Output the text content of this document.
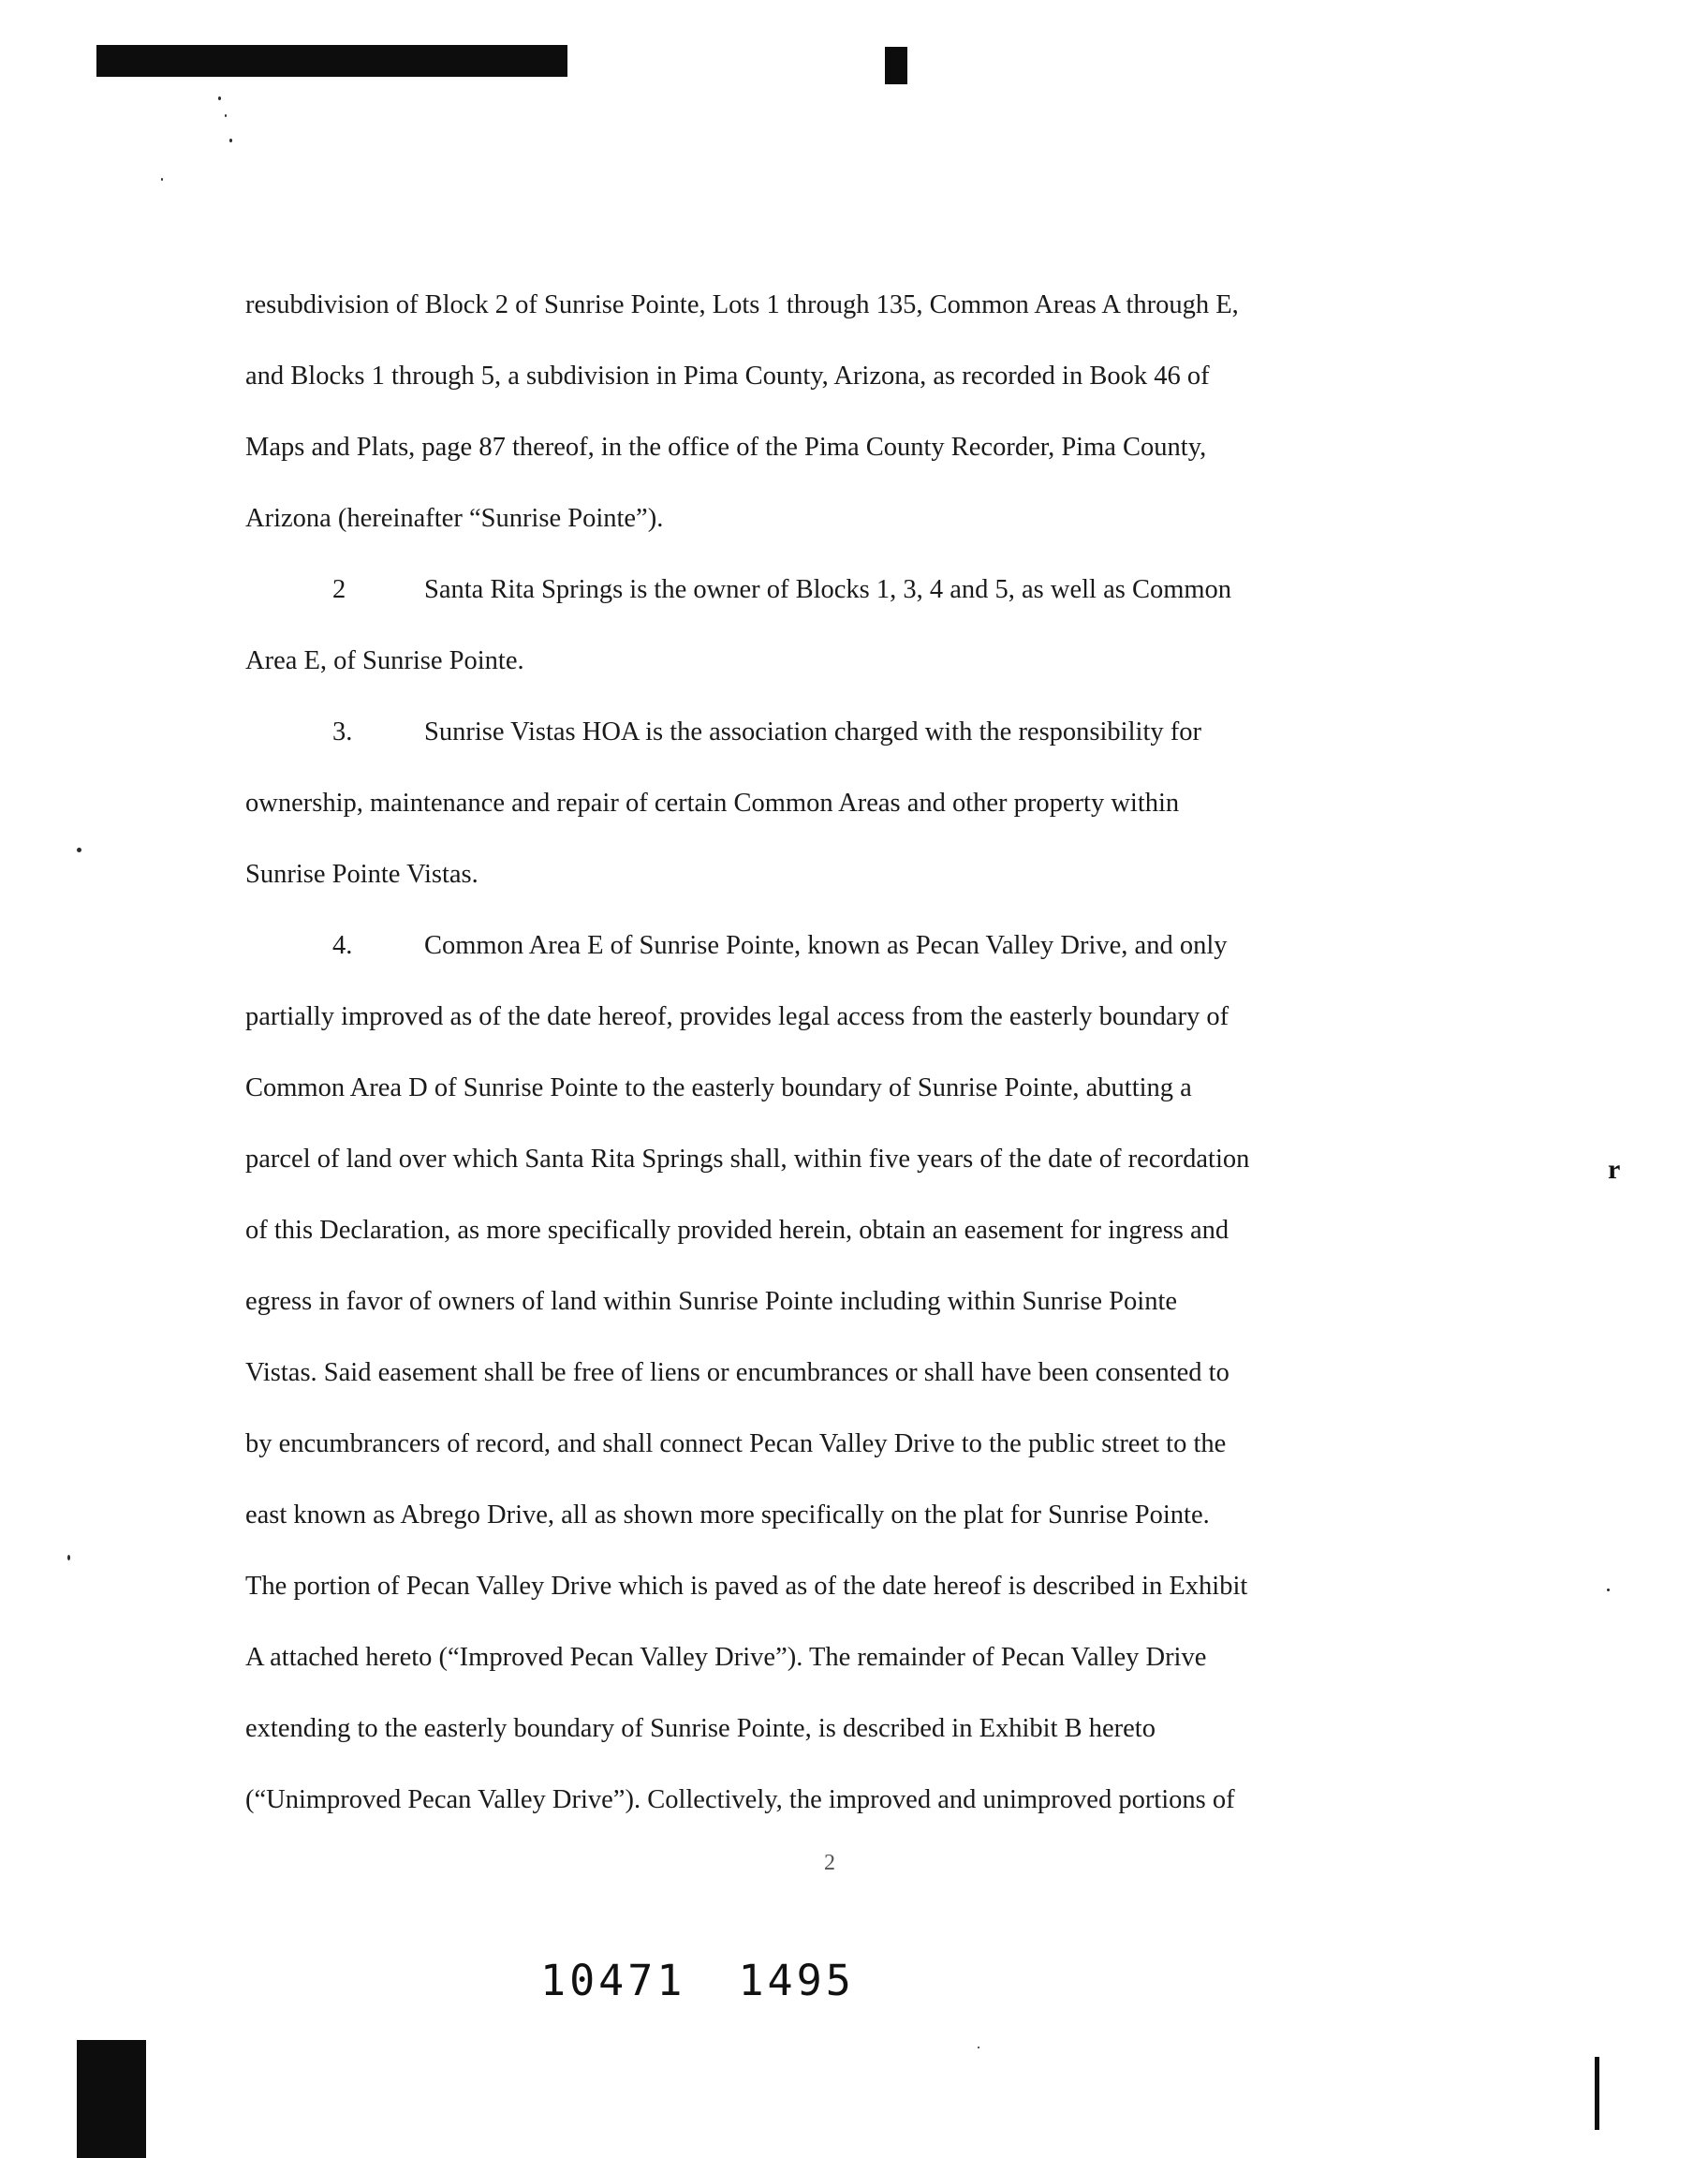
r
resubdivision of Block 2 of Sunrise Pointe, Lots 1 through 135, Common Areas A through E,
and Blocks 1 through 5, a subdivision in Pima County, Arizona, as recorded in Book 46 of
Maps and Plats, page 87 thereof, in the office of the Pima County Recorder, Pima County,
Arizona (hereinafter “Sunrise Pointe”).
2	Santa Rita Springs is the owner of Blocks 1, 3, 4 and 5, as well as Common
Area E, of Sunrise Pointe.
3.	Sunrise Vistas HOA is the association charged with the responsibility for
ownership, maintenance and repair of certain Common Areas and other property within
Sunrise Pointe Vistas.
4.	Common Area E of Sunrise Pointe, known as Pecan Valley Drive, and only
partially improved as of the date hereof, provides legal access from the easterly boundary of
Common Area D of Sunrise Pointe to the easterly boundary of Sunrise Pointe, abutting a
parcel of land over which Santa Rita Springs shall, within five years of the date of recordation
of this Declaration, as more specifically provided herein, obtain an easement for ingress and
egress in favor of owners of land within Sunrise Pointe including within Sunrise Pointe
Vistas. Said easement shall be free of liens or encumbrances or shall have been consented to
by encumbrancers of record, and shall connect Pecan Valley Drive to the public street to the
east known as Abrego Drive, all as shown more specifically on the plat for Sunrise Pointe.
The portion of Pecan Valley Drive which is paved as of the date hereof is described in Exhibit
A attached hereto (“Improved Pecan Valley Drive”). The remainder of Pecan Valley Drive
extending to the easterly boundary of Sunrise Pointe, is described in Exhibit B hereto
(“Unimproved Pecan Valley Drive”). Collectively, the improved and unimproved portions of
2
10471 1495
